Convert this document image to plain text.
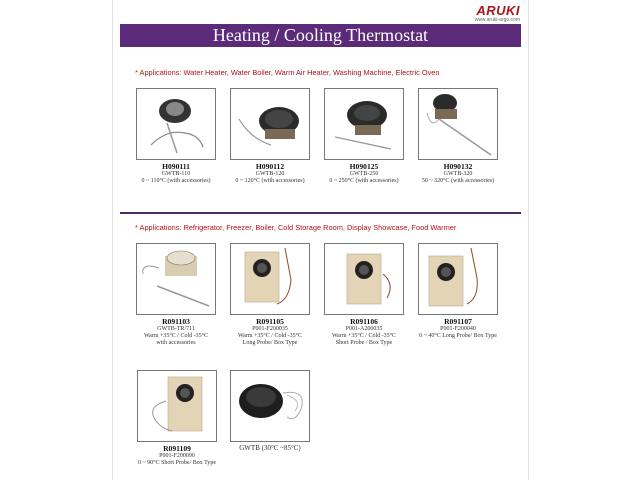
ARUKI
www.aruki-argo.com
Heating / Cooling Thermostat
* Applications: Water Heater, Water Boiler, Warm Air Heater, Washing Machine, Electric Oven
H090111
GWTB-110
0 ~ 110°C (with accessories)
H090112
GWTB-120
0 ~ 120°C (with accessories)
H090125
GWTB-250
0 ~ 250°C (with accessories)
H090132
GWTB-320
50 ~ 320°C (with accessories)
* Applications: Refrigerator, Freezer, Boiler, Cold Storage Room, Display Showcase, Food Warmer
R091103
GWTB-TR/711
Warm +35°C / Cold -35°C
with accessories
R091105
P001-F200035
Warm +35°C / Cold -35°C
Long Probe/ Box Type
R091106
P001-A200035
Warm +35°C / Cold -35°C
Short Probe / Box Type
R091107
P001-F200040
0 ~ 40°C Long Probe/ Box Type
R091109
P001-F200090
0 ~ 90°C Short Probe/ Box Type
GWTB (30°C ~85°C)
